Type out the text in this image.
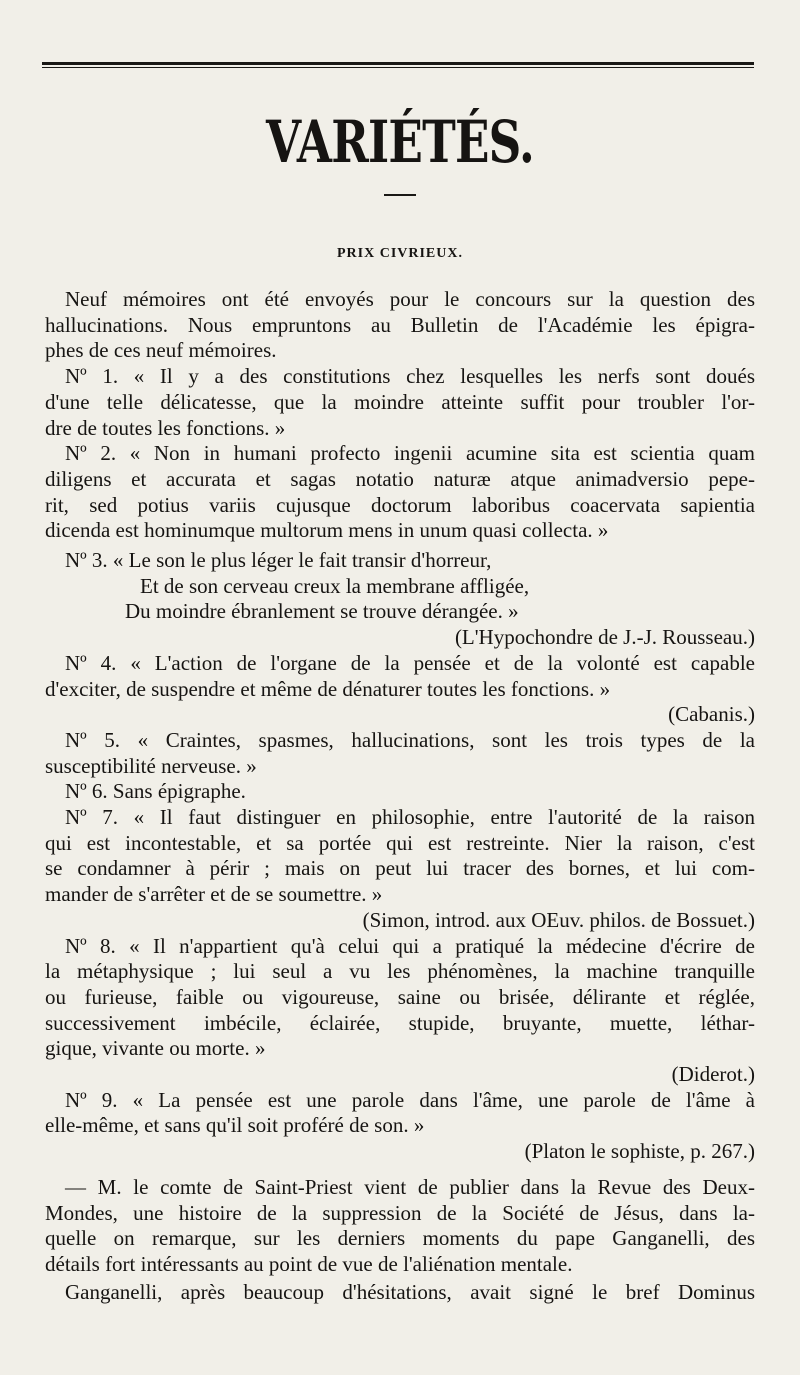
VARIÉTÉS.
PRIX CIVRIEUX.
Neuf mémoires ont été envoyés pour le concours sur la question des
hallucinations. Nous empruntons au Bulletin de l'Académie les épigra-
phes de ces neuf mémoires.
Nº 1. « Il y a des constitutions chez lesquelles les nerfs sont doués
d'une telle délicatesse, que la moindre atteinte suffit pour troubler l'or-
dre de toutes les fonctions. »
Nº 2. « Non in humani profecto ingenii acumine sita est scientia quam
diligens et accurata et sagas notatio naturæ atque animadversio pepe-
rit, sed potius variis cujusque doctorum laboribus coacervata sapientia
dicenda est hominumque multorum mens in unum quasi collecta. »
Nº 3. « Le son le plus léger le fait transir d'horreur,
Et de son cerveau creux la membrane affligée,
Du moindre ébranlement se trouve dérangée. »
(L'Hypochondre de J.-J. Rousseau.)
Nº 4. « L'action de l'organe de la pensée et de la volonté est capable
d'exciter, de suspendre et même de dénaturer toutes les fonctions. »
(Cabanis.)
Nº 5. « Craintes, spasmes, hallucinations, sont les trois types de la
susceptibilité nerveuse. »
Nº 6. Sans épigraphe.
Nº 7. « Il faut distinguer en philosophie, entre l'autorité de la raison
qui est incontestable, et sa portée qui est restreinte. Nier la raison, c'est
se condamner à périr ; mais on peut lui tracer des bornes, et lui com-
mander de s'arrêter et de se soumettre. »
(Simon, introd. aux OEuv. philos. de Bossuet.)
Nº 8. « Il n'appartient qu'à celui qui a pratiqué la médecine d'écrire de
la métaphysique ; lui seul a vu les phénomènes, la machine tranquille
ou furieuse, faible ou vigoureuse, saine ou brisée, délirante et réglée,
successivement imbécile, éclairée, stupide, bruyante, muette, léthar-
gique, vivante ou morte. »
(Diderot.)
Nº 9. « La pensée est une parole dans l'âme, une parole de l'âme à
elle-même, et sans qu'il soit proféré de son. »
(Platon le sophiste, p. 267.)
— M. le comte de Saint-Priest vient de publier dans la Revue des Deux-
Mondes, une histoire de la suppression de la Société de Jésus, dans la-
quelle on remarque, sur les derniers moments du pape Ganganelli, des
détails fort intéressants au point de vue de l'aliénation mentale.
Ganganelli, après beaucoup d'hésitations, avait signé le bref Dominus
